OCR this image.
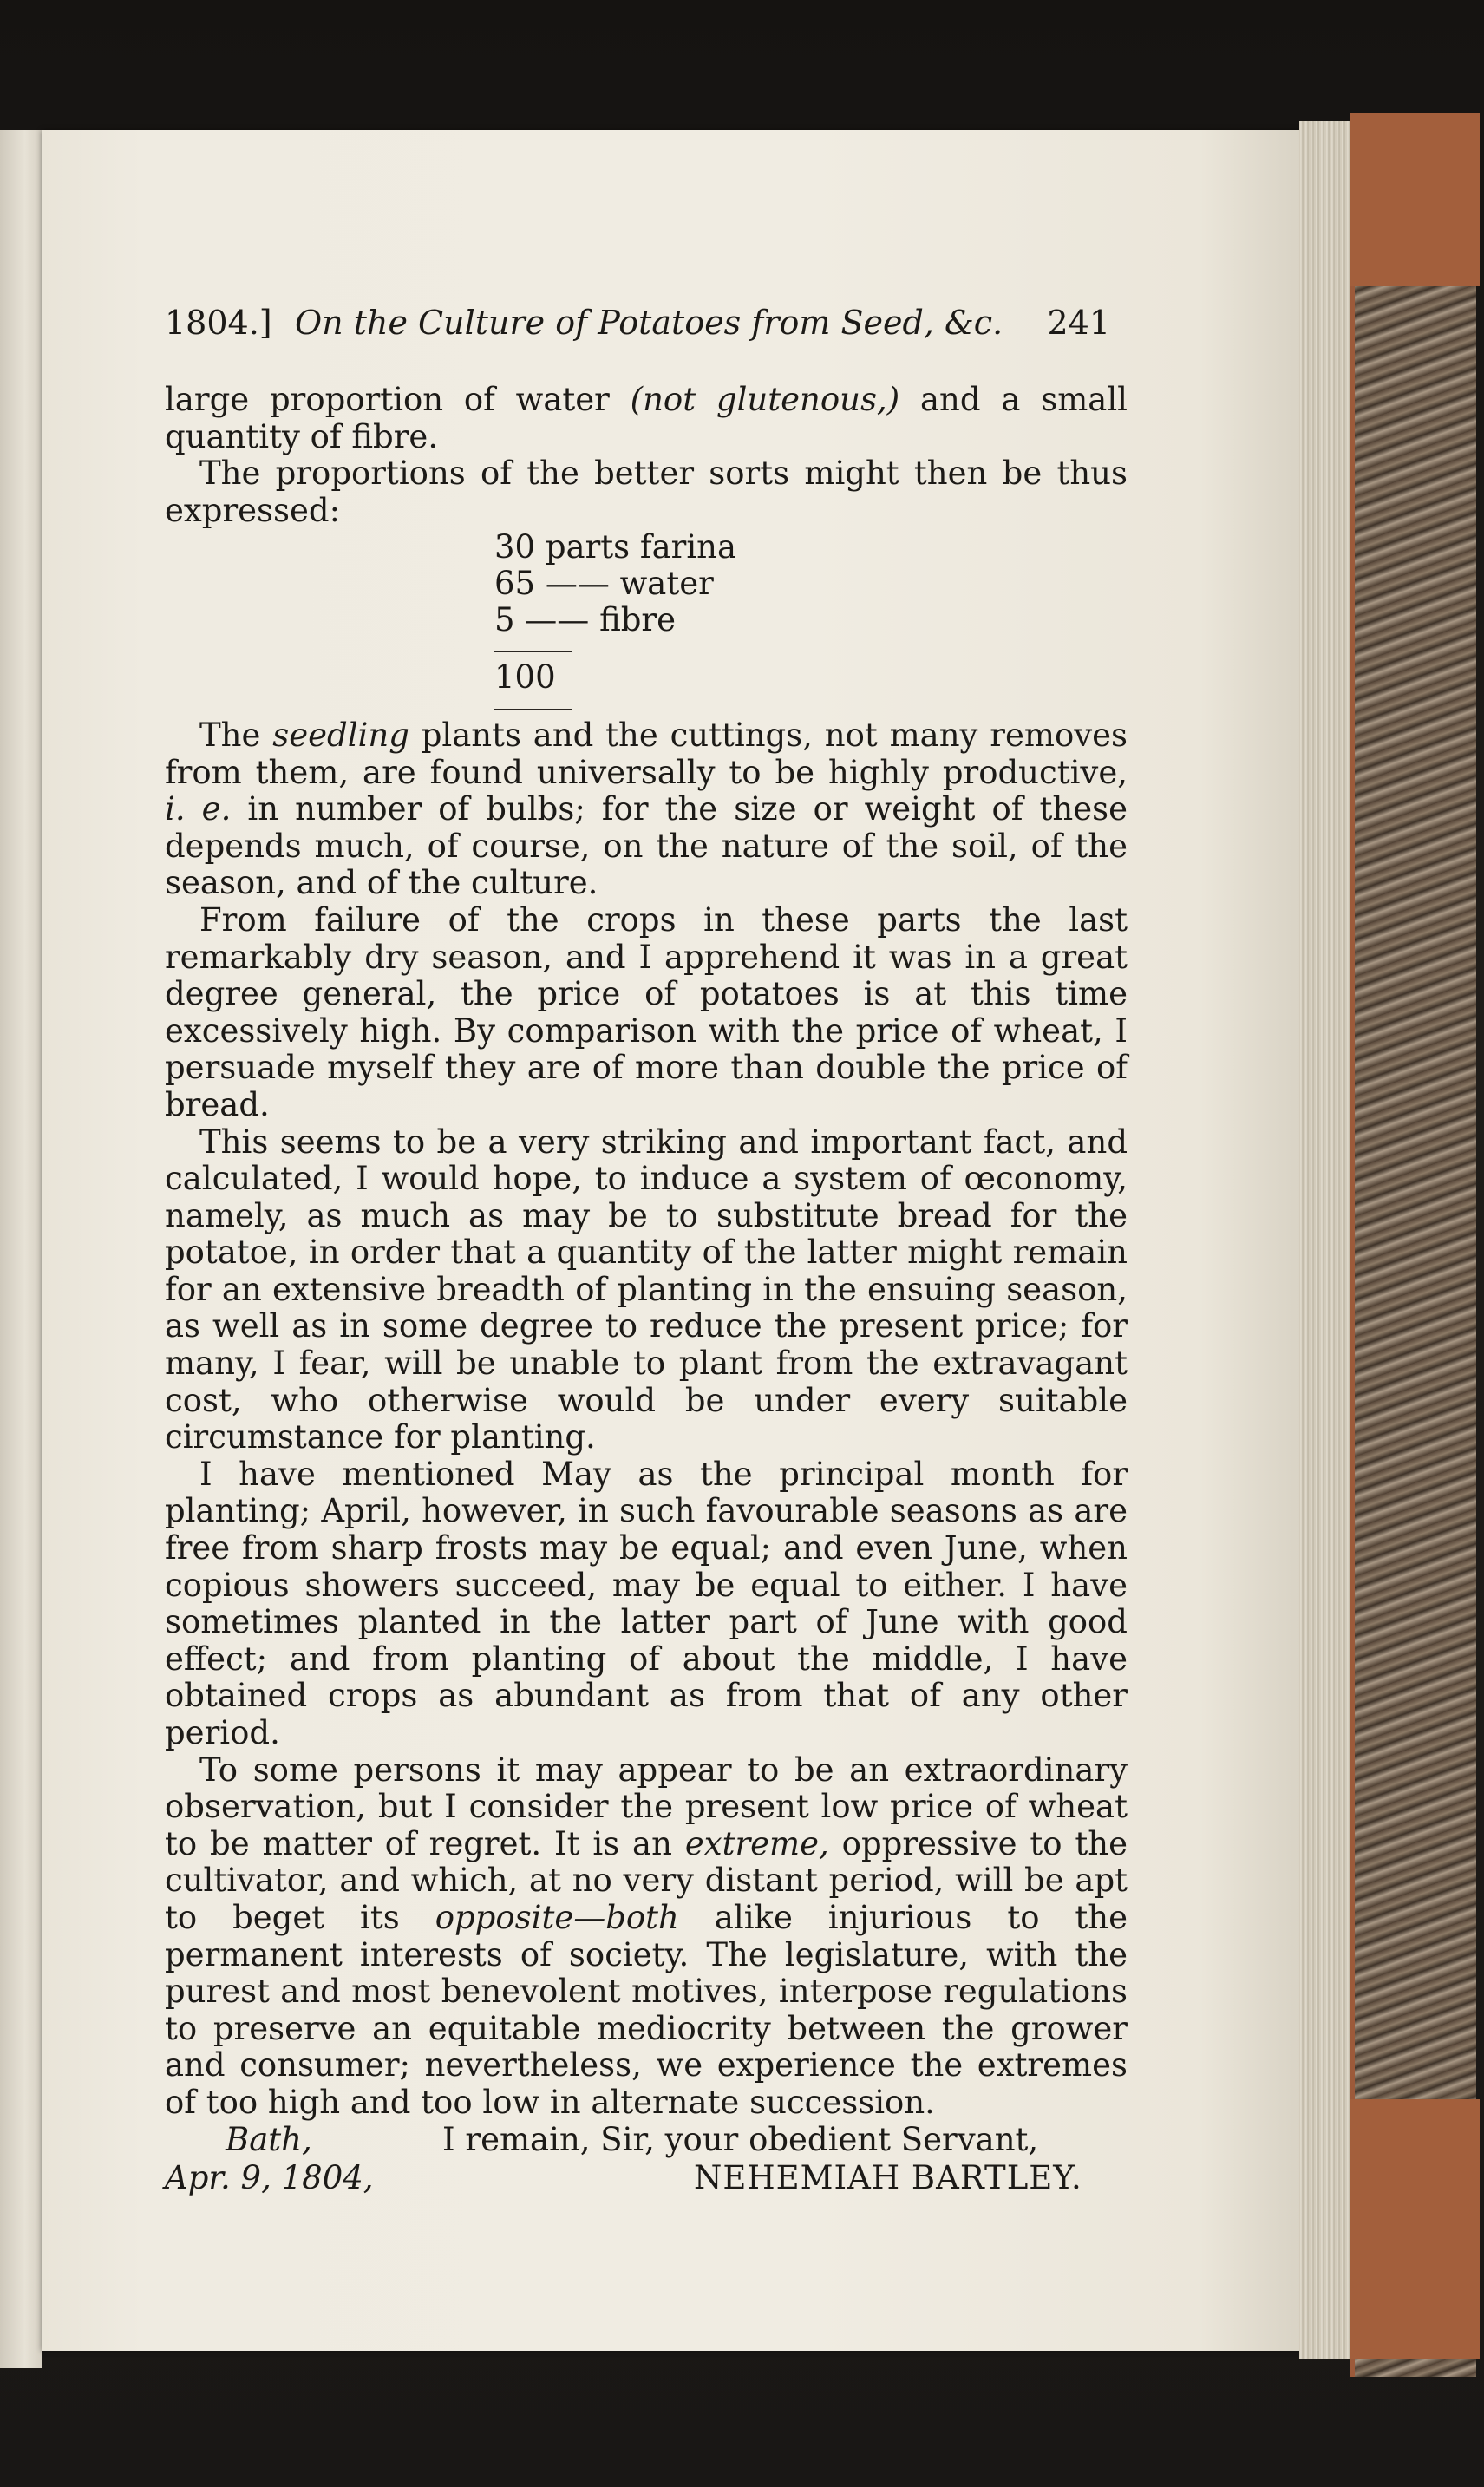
1804.] On the Culture of Potatoes from Seed, &c. 241

large proportion of water (not glutenous,) and a small quantity of fibre.

The proportions of the better sorts might then be thus expressed:

30 parts farina
65 —— water
5 —— fibre
100

The seedling plants and the cuttings, not many removes from them, are found universally to be highly productive, i. e. in number of bulbs; for the size or weight of these depends much, of course, on the nature of the soil, of the season, and of the culture.

From failure of the crops in these parts the last remarkably dry season, and I apprehend it was in a great degree general, the price of potatoes is at this time excessively high. By comparison with the price of wheat, I persuade myself they are of more than double the price of bread.

This seems to be a very striking and important fact, and calculated, I would hope, to induce a system of œconomy, namely, as much as may be to substitute bread for the potatoe, in order that a quantity of the latter might remain for an extensive breadth of planting in the ensuing season, as well as in some degree to reduce the present price; for many, I fear, will be unable to plant from the extravagant cost, who otherwise would be under every suitable circumstance for planting.

I have mentioned May as the principal month for planting; April, however, in such favourable seasons as are free from sharp frosts may be equal; and even June, when copious showers succeed, may be equal to either. I have sometimes planted in the latter part of June with good effect; and from planting of about the middle, I have obtained crops as abundant as from that of any other period.

To some persons it may appear to be an extraordinary observation, but I consider the present low price of wheat to be matter of regret. It is an extreme, oppressive to the cultivator, and which, at no very distant period, will be apt to beget its opposite—both alike injurious to the permanent interests of society. The legislature, with the purest and most benevolent motives, interpose regulations to preserve an equitable mediocrity between the grower and consumer; nevertheless, we experience the extremes of too high and too low in alternate succession.

Bath,	I remain, Sir, your obedient Servant,
Apr. 9, 1804,	NEHEMIAH BARTLEY.
